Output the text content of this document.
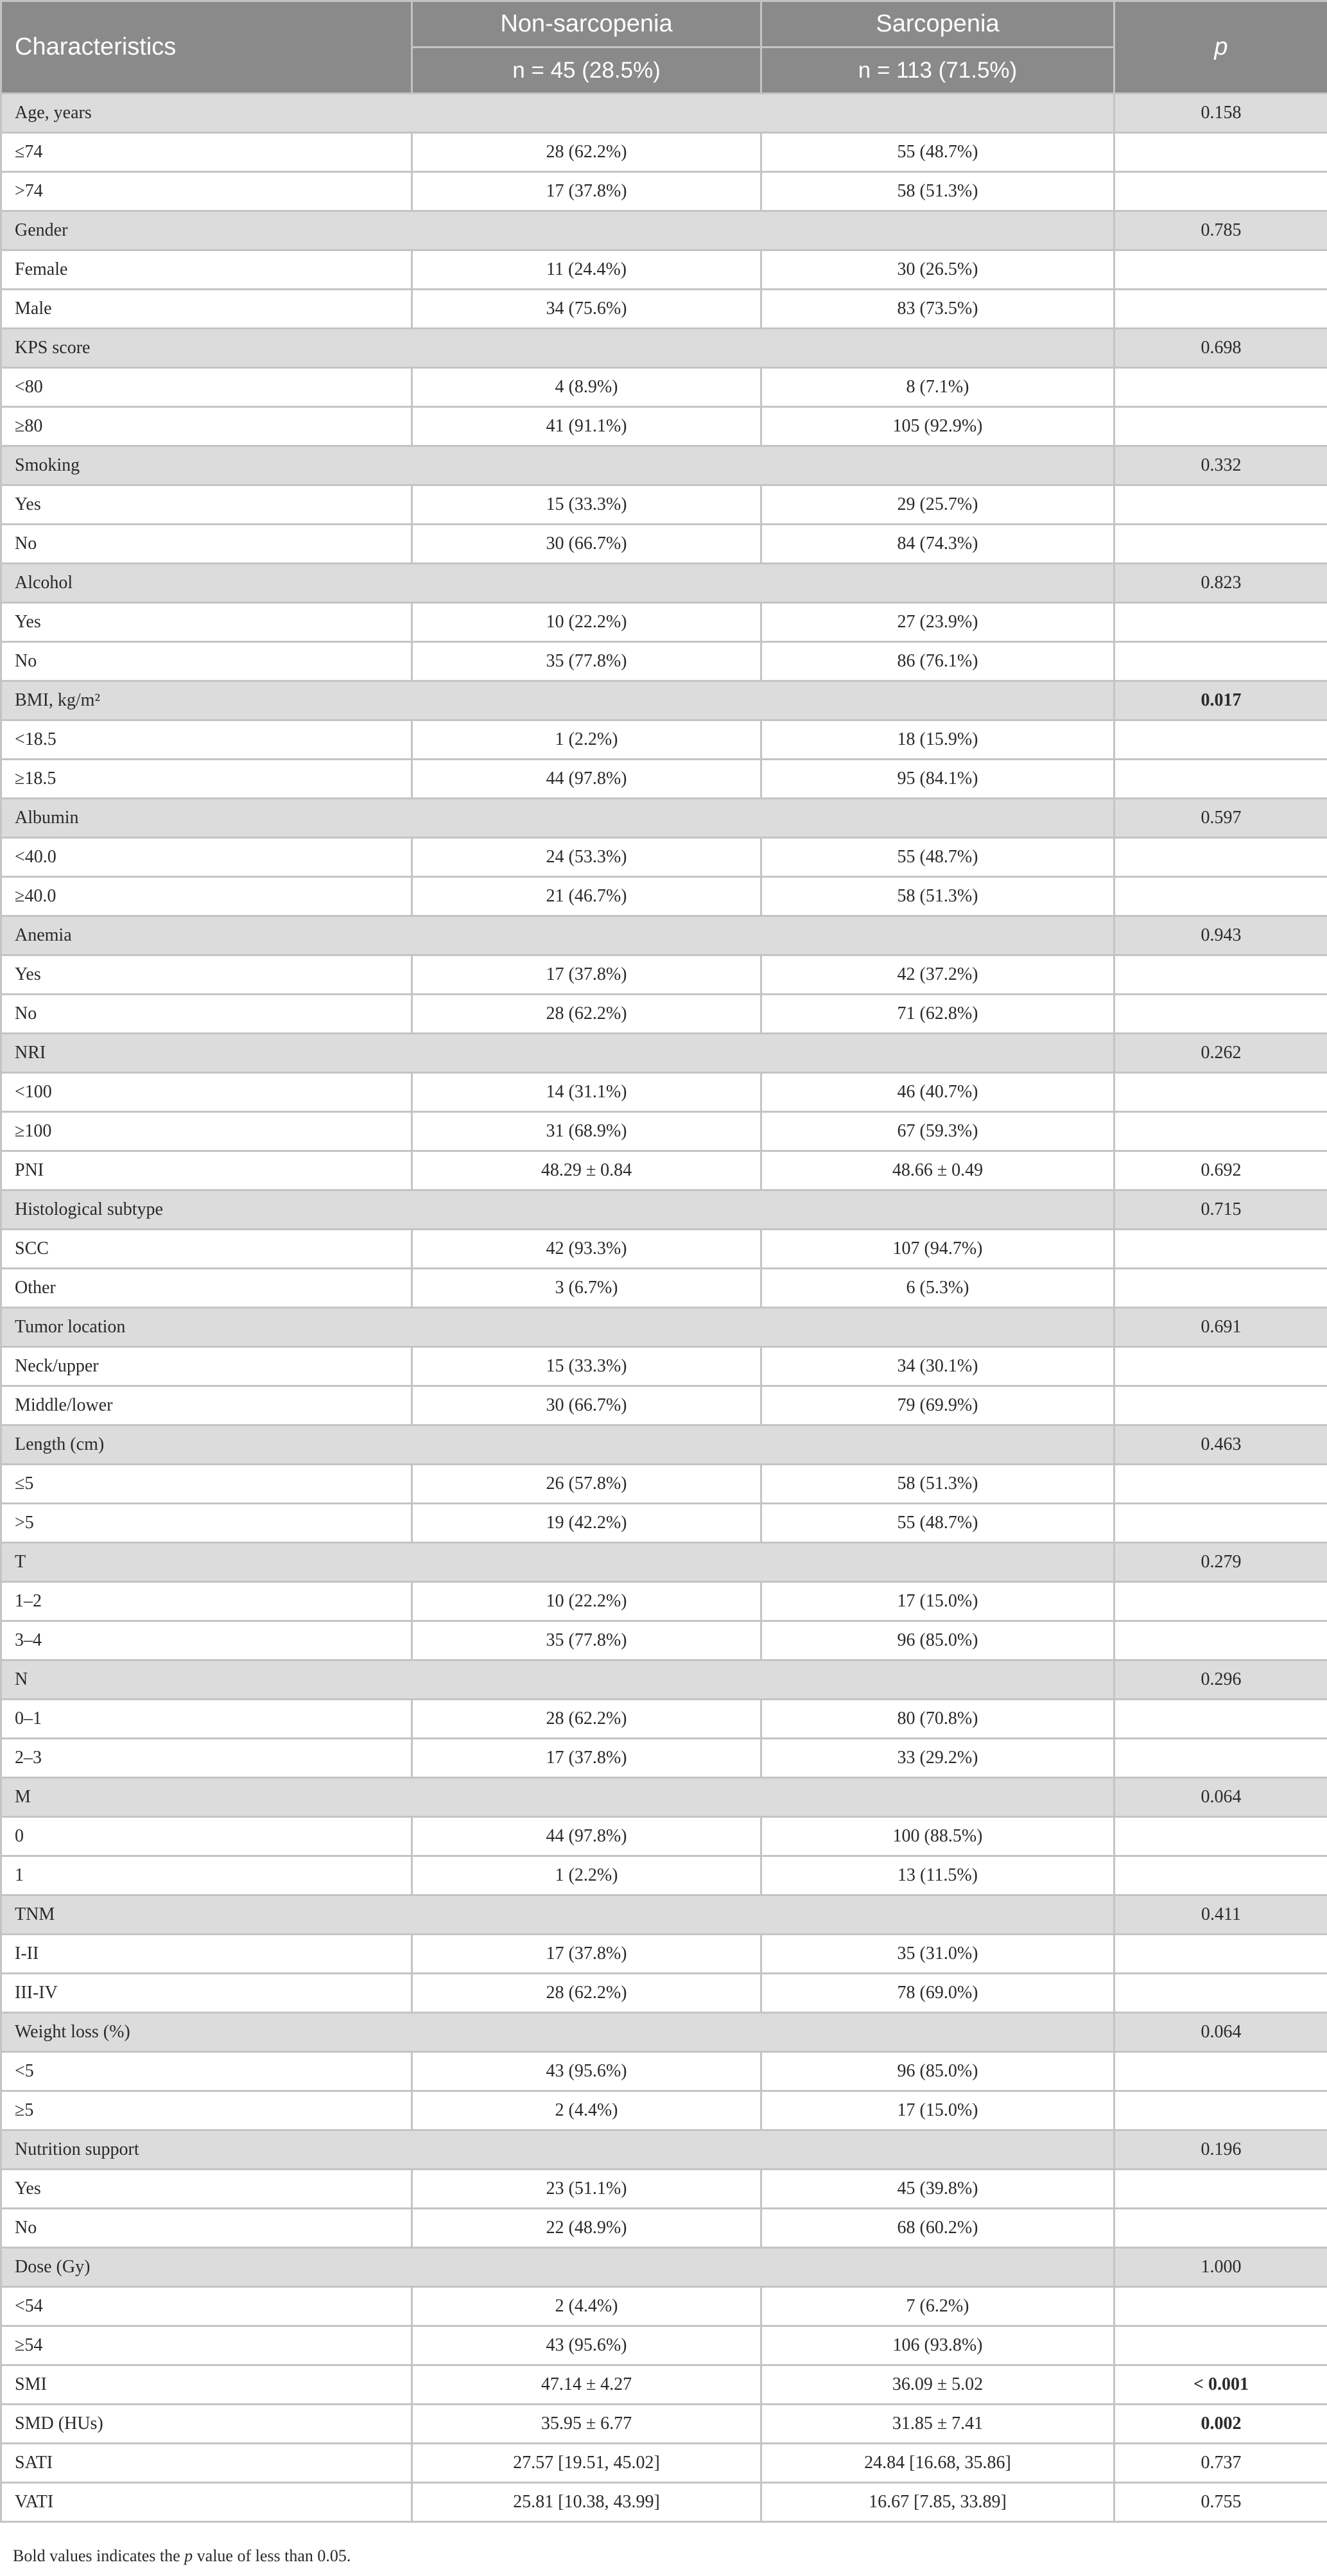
Characteristics	Non-sarcopenia	Sarcopenia	p
	n = 45 (28.5%)	n = 113 (71.5%)	
Age, years			0.158
≤74	28 (62.2%)	55 (48.7%)	
>74	17 (37.8%)	58 (51.3%)	
Gender			0.785
Female	11 (24.4%)	30 (26.5%)	
Male	34 (75.6%)	83 (73.5%)	
KPS score			0.698
<80	4 (8.9%)	8 (7.1%)	
≥80	41 (91.1%)	105 (92.9%)	
Smoking			0.332
Yes	15 (33.3%)	29 (25.7%)	
No	30 (66.7%)	84 (74.3%)	
Alcohol			0.823
Yes	10 (22.2%)	27 (23.9%)	
No	35 (77.8%)	86 (76.1%)	
BMI, kg/m²			0.017
<18.5	1 (2.2%)	18 (15.9%)	
≥18.5	44 (97.8%)	95 (84.1%)	
Albumin			0.597
<40.0	24 (53.3%)	55 (48.7%)	
≥40.0	21 (46.7%)	58 (51.3%)	
Anemia			0.943
Yes	17 (37.8%)	42 (37.2%)	
No	28 (62.2%)	71 (62.8%)	
NRI			0.262
<100	14 (31.1%)	46 (40.7%)	
≥100	31 (68.9%)	67 (59.3%)	
PNI	48.29 ± 0.84	48.66 ± 0.49	0.692
Histological subtype			0.715
SCC	42 (93.3%)	107 (94.7%)	
Other	3 (6.7%)	6 (5.3%)	
Tumor location			0.691
Neck/upper	15 (33.3%)	34 (30.1%)	
Middle/lower	30 (66.7%)	79 (69.9%)	
Length (cm)			0.463
≤5	26 (57.8%)	58 (51.3%)	
>5	19 (42.2%)	55 (48.7%)	
T			0.279
1–2	10 (22.2%)	17 (15.0%)	
3–4	35 (77.8%)	96 (85.0%)	
N			0.296
0–1	28 (62.2%)	80 (70.8%)	
2–3	17 (37.8%)	33 (29.2%)	
M			0.064
0	44 (97.8%)	100 (88.5%)	
1	1 (2.2%)	13 (11.5%)	
TNM			0.411
I-II	17 (37.8%)	35 (31.0%)	
III-IV	28 (62.2%)	78 (69.0%)	
Weight loss (%)			0.064
<5	43 (95.6%)	96 (85.0%)	
≥5	2 (4.4%)	17 (15.0%)	
Nutrition support			0.196
Yes	23 (51.1%)	45 (39.8%)	
No	22 (48.9%)	68 (60.2%)	
Dose (Gy)			1.000
<54	2 (4.4%)	7 (6.2%)	
≥54	43 (95.6%)	106 (93.8%)	
SMI	47.14 ± 4.27	36.09 ± 5.02	< 0.001
SMD (HUs)	35.95 ± 6.77	31.85 ± 7.41	0.002
SATI	27.57 [19.51, 45.02]	24.84 [16.68, 35.86]	0.737
VATI	25.81 [10.38, 43.99]	16.67 [7.85, 33.89]	0.755
Bold values indicates the p value of less than 0.05.
